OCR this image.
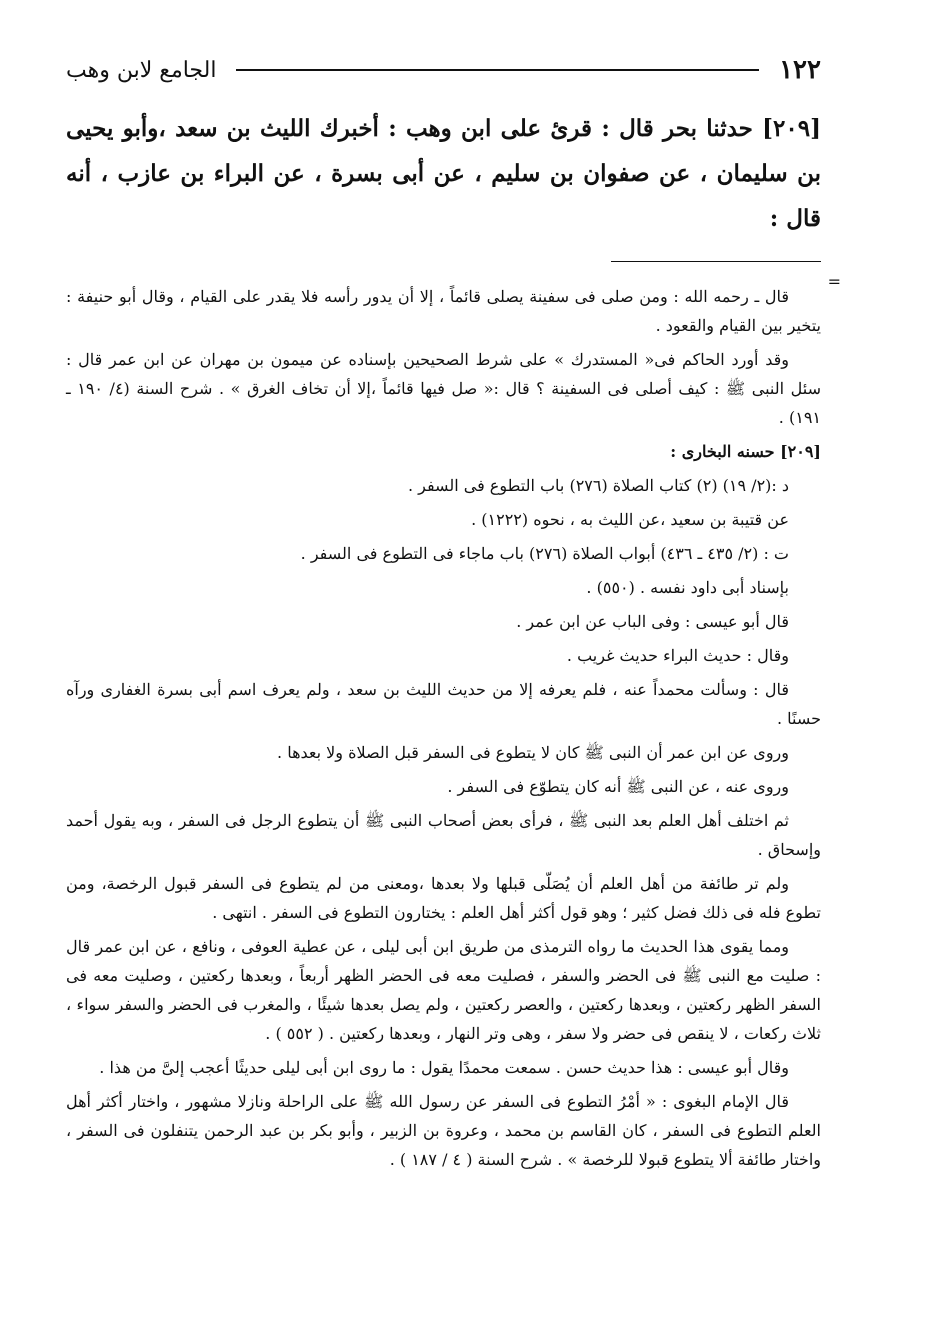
١٢٢
الجامع لابن وهب
[٢٠٩] حدثنا بحر قال : قرئ على ابن وهب : أخبرك الليث بن سعد ،وأبو يحيى بن سليمان ، عن صفوان بن سليم ، عن أبى بسرة ، عن البراء بن عازب ، أنه قال :
=

قال ـ رحمه الله : ومن صلى فى سفينة يصلى قائماً ، إلا أن يدور رأسه فلا يقدر على القيام ، وقال أبو حنيفة : يتخير بين القيام والقعود .

وقد أورد الحاكم فى« المستدرك » على شرط الصحيحين بإسناده عن ميمون بن مهران عن ابن عمر قال : سئل النبى ﷺ : كيف أصلى فى السفينة ؟ قال :« صل فيها قائماً ،إلا أن تخاف الغرق » . شرح السنة (٤/ ١٩٠ ـ ١٩١) .

[٢٠٩] حسنه البخارى :

د :(٢/ ١٩) (٢) كتاب الصلاة (٢٧٦) باب التطوع فى السفر .

عن قتيبة بن سعيد ،عن الليث به ، نحوه (١٢٢٢) .

ت : (٢/ ٤٣٥ ـ ٤٣٦) أبواب الصلاة (٢٧٦) باب ماجاء فى التطوع فى السفر .

بإسناد أبى داود نفسه . (٥٥٠) .

قال أبو عيسى : وفى الباب عن ابن عمر .

وقال : حديث البراء حديث غريب .

قال : وسألت محمداً عنه ، فلم يعرفه إلا من حديث الليث بن سعد ، ولم يعرف اسم أبى بسرة الغفارى ورآه حسنًا .

وروى عن ابن عمر أن النبى ﷺ كان لا يتطوع فى السفر قبل الصلاة ولا بعدها .

وروى عنه ، عن النبى ﷺ أنه كان يتطوّع فى السفر .

ثم اختلف أهل العلم بعد النبى ﷺ ، فرأى بعض أصحاب النبى ﷺ أن يتطوع الرجل فى السفر ، وبه يقول أحمد وإسحاق .

ولم تر طائفة من أهل العلم أن يُصَلّى قبلها ولا بعدها ،ومعنى من لم يتطوع فى السفر قبول الرخصة، ومن تطوع فله فى ذلك فضل كثير ؛ وهو قول أكثر أهل العلم : يختارون التطوع فى السفر . انتهى .

ومما يقوى هذا الحديث ما رواه الترمذى من طريق ابن أبى ليلى ، عن عطية العوفى ، ونافع ، عن ابن عمر قال : صليت مع النبى ﷺ فى الحضر والسفر ، فصليت معه فى الحضر الظهر أربعاً ، وبعدها ركعتين ، وصليت معه فى السفر الظهر ركعتين ، وبعدها ركعتين ، والعصر ركعتين ، ولم يصل بعدها شيئًا ، والمغرب فى الحضر والسفر سواء ، ثلاث ركعات ، لا ينقص فى حضر ولا سفر ، وهى وتر النهار ، وبعدها ركعتين . ( ٥٥٢ ) .

وقال أبو عيسى : هذا حديث حسن . سمعت محمدًا يقول : ما روى ابن أبى ليلى حديثًا أعجب إلىَّ من هذا .

قال الإمام البغوى : « أمْرُ التطوع فى السفر عن رسول الله ﷺ على الراحلة ونازلا مشهور ، واختار أكثر أهل العلم التطوع فى السفر ، كان القاسم بن محمد ، وعروة بن الزبير ، وأبو بكر بن عبد الرحمن يتنفلون فى السفر ، واختار طائفة ألا يتطوع قبولا للرخصة » . شرح السنة ( ٤ / ١٨٧ ) .
